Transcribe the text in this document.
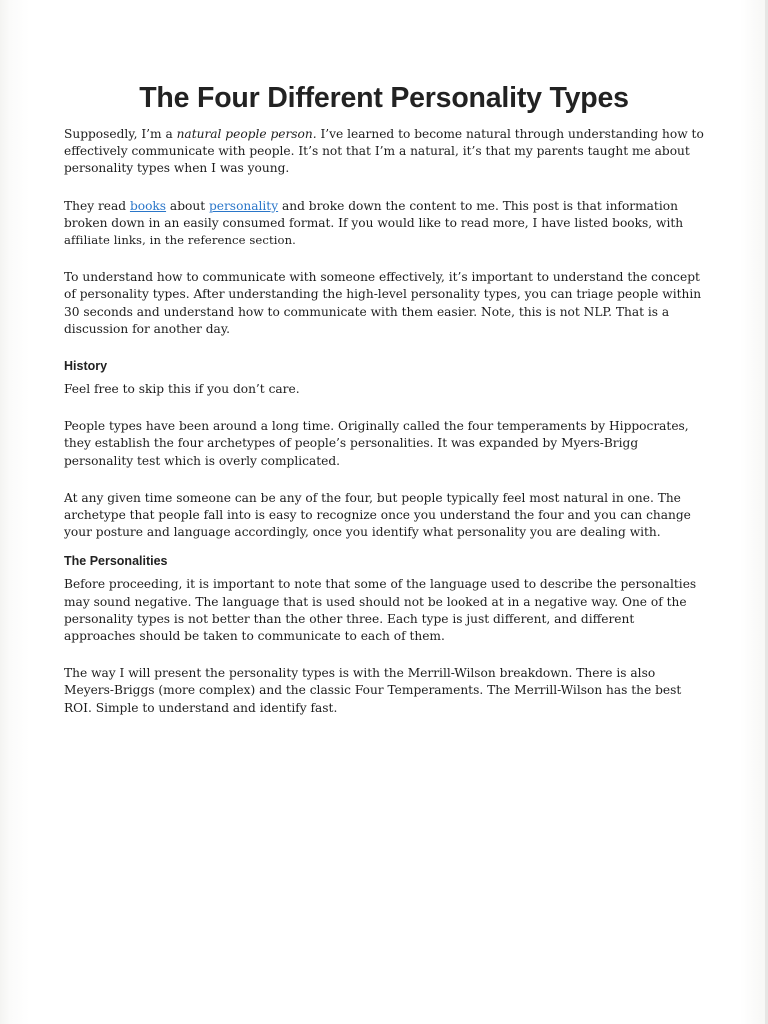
The Four Different Personality Types

Supposedly, I’m a natural people person. I’ve learned to become natural through understanding how to effectively communicate with people. It’s not that I’m a natural, it’s that my parents taught me about personality types when I was young.

They read books about personality and broke down the content to me. This post is that information broken down in an easily consumed format. If you would like to read more, I have listed books, with affiliate links, in the reference section.

To understand how to communicate with someone effectively, it’s important to understand the concept of personality types. After understanding the high-level personality types, you can triage people within 30 seconds and understand how to communicate with them easier. Note, this is not NLP. That is a discussion for another day.

History

Feel free to skip this if you don’t care.

People types have been around a long time. Originally called the four temperaments by Hippocrates, they establish the four archetypes of people’s personalities. It was expanded by Myers-Brigg personality test which is overly complicated.

At any given time someone can be any of the four, but people typically feel most natural in one. The archetype that people fall into is easy to recognize once you understand the four and you can change your posture and language accordingly, once you identify what personality you are dealing with.

The Personalities

Before proceeding, it is important to note that some of the language used to describe the personalties may sound negative. The language that is used should not be looked at in a negative way. One of the personality types is not better than the other three. Each type is just different, and different approaches should be taken to communicate to each of them.

The way I will present the personality types is with the Merrill-Wilson breakdown. There is also Meyers-Briggs (more complex) and the classic Four Temperaments. The Merrill-Wilson has the best ROI. Simple to understand and identify fast.
